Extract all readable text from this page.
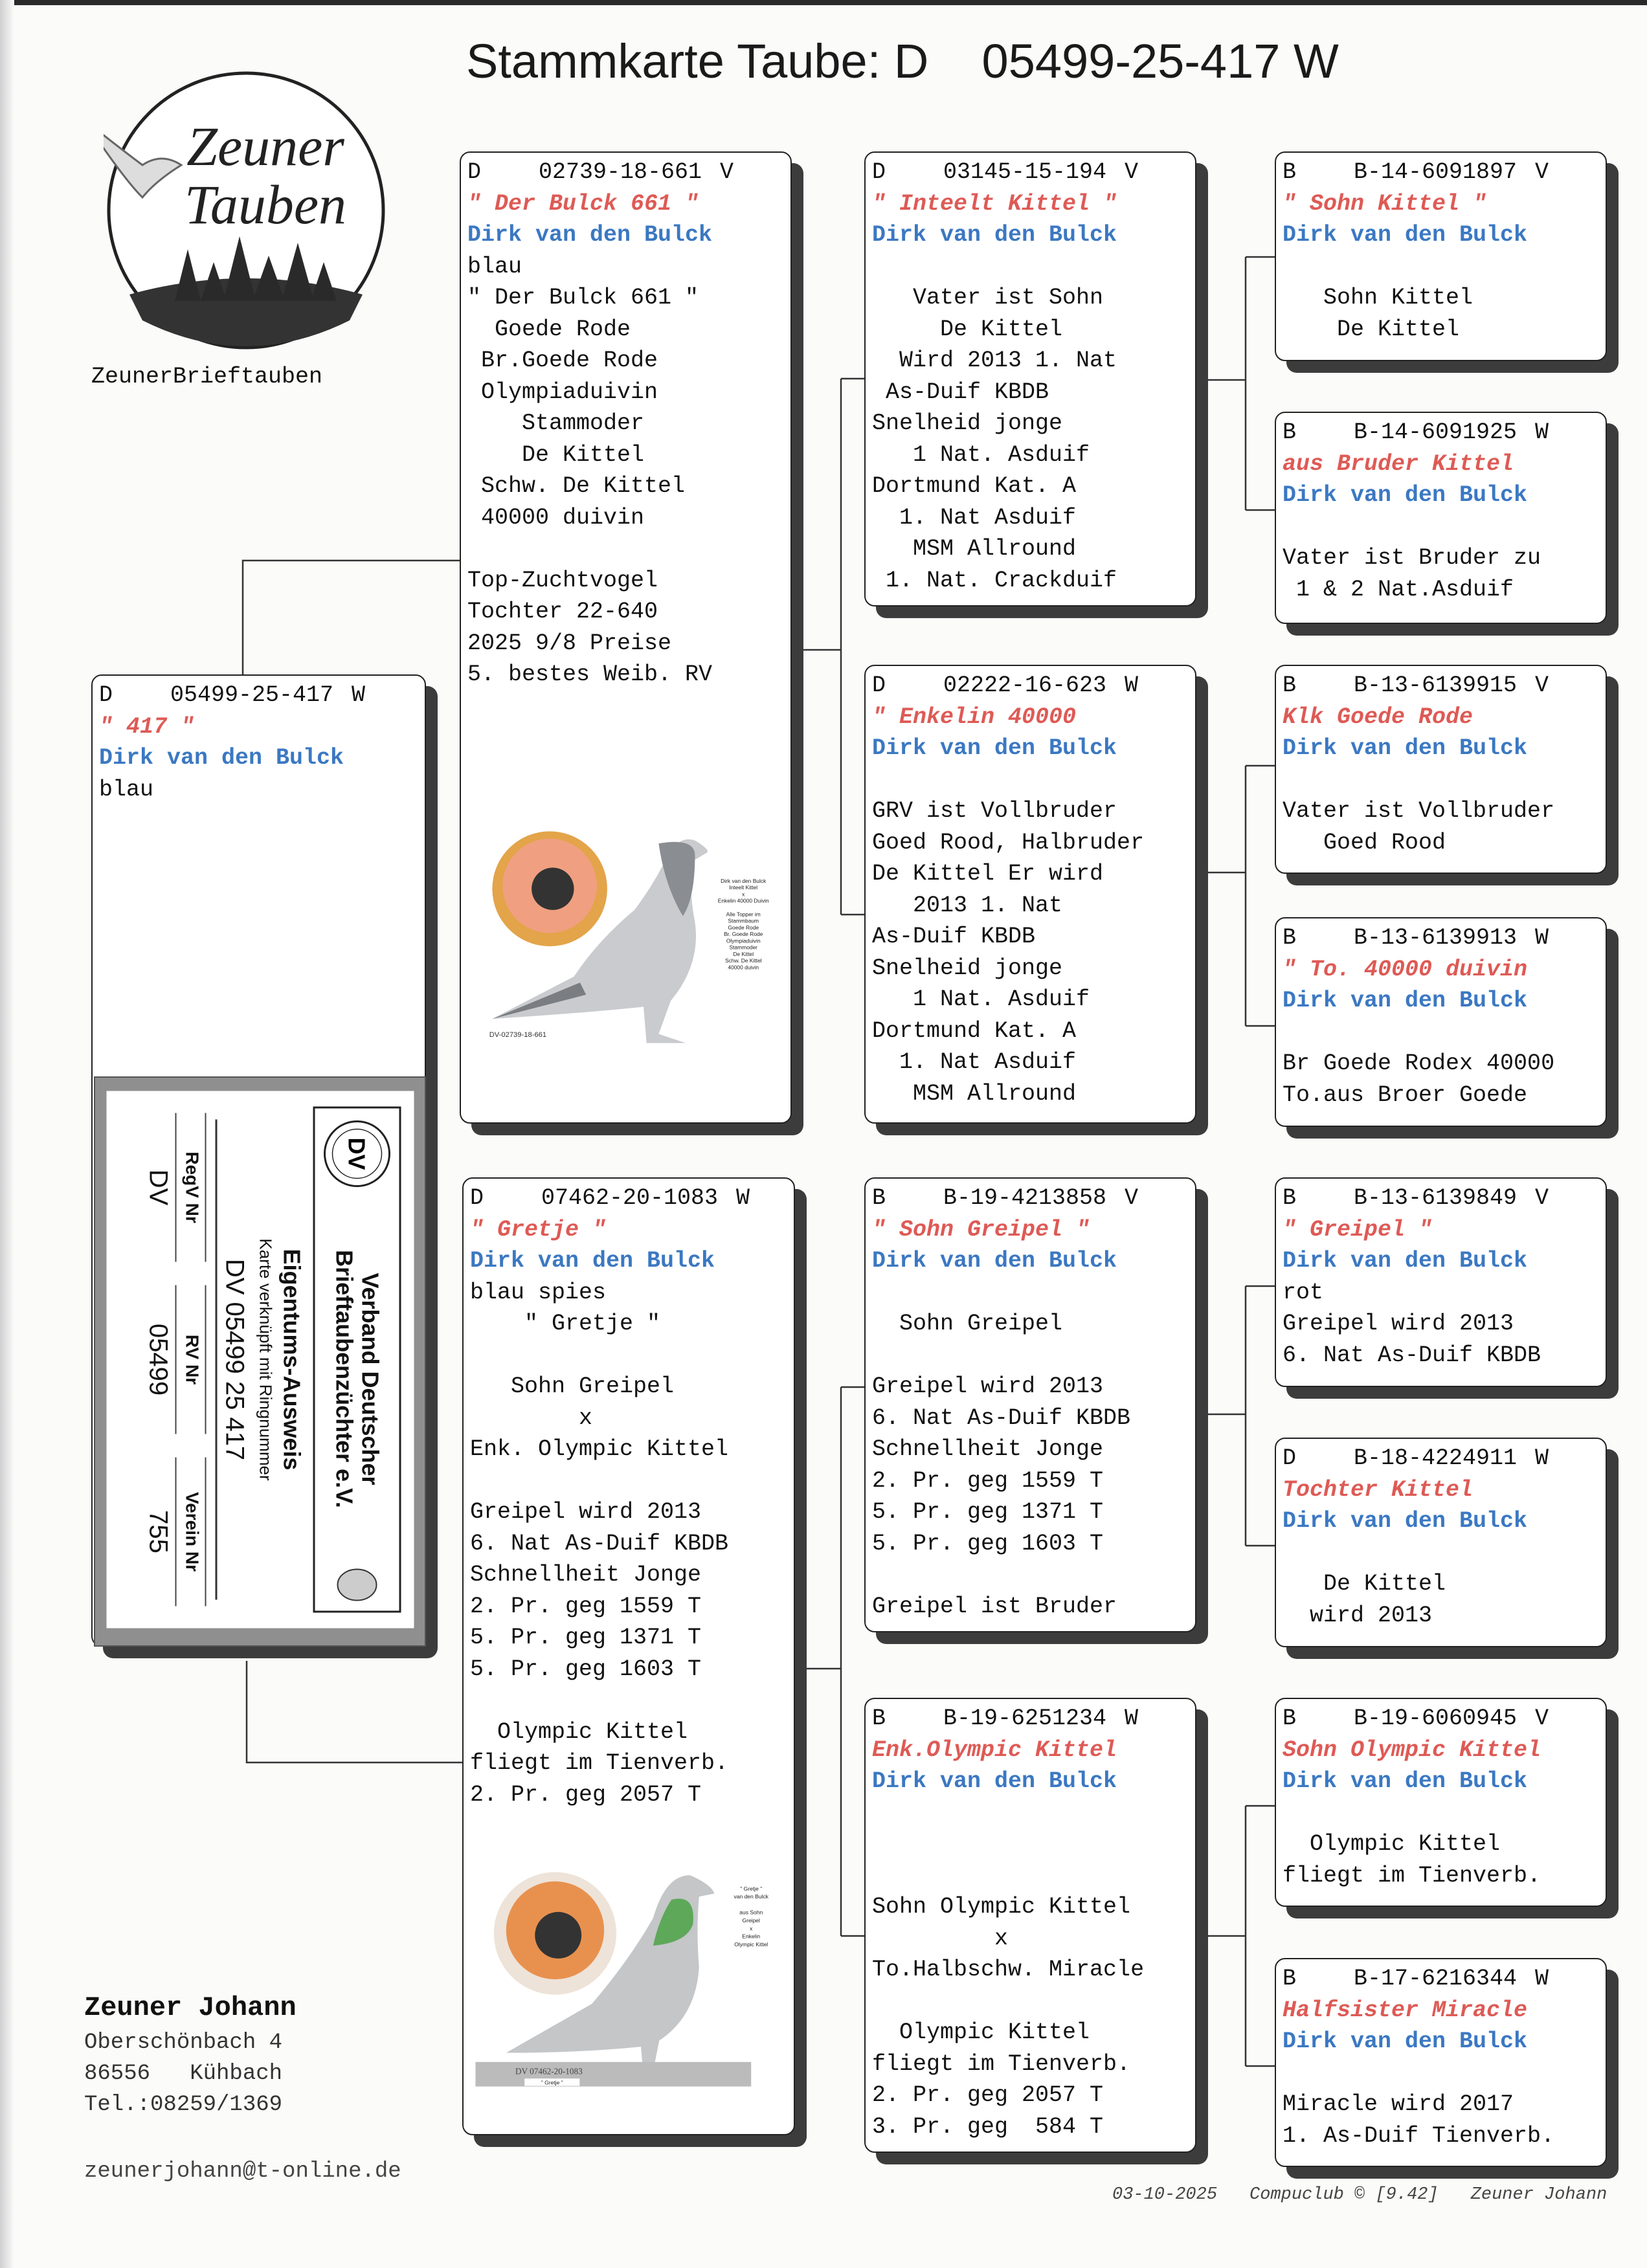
Stammkarte Taube: D 05499-25-417 W
Zeuner
Tauben
ZeunerBrieftauben
D	05499-25-417 W
" 417 "
Dirk van den Bulck
blau
D	02739-18-661 V
" Der Bulck 661 "
Dirk van den Bulck
blau
" Der Bulck 661 "
Goede Rode
Br.Goede Rode
Olympiaduivin
Stammoder
De Kittel
Schw. De Kittel
40000 duivin
Top-Zuchtvogel
Tochter 22-640
2025 9/8 Preise
5. bestes Weib. RV
D	07462-20-1083 W
" Gretje "
Dirk van den Bulck
blau spies
" Gretje "
Sohn Greipel
x
Enk. Olympic Kittel
Greipel wird 2013
6. Nat As-Duif KBDB
Schnellheit Jonge
2. Pr. geg 1559 T
5. Pr. geg 1371 T
5. Pr. geg 1603 T
Olympic Kittel
fliegt im Tienverb.
2. Pr. geg 2057 T
D	03145-15-194 V
" Inteelt Kittel "
Dirk van den Bulck
Vater ist Sohn
De Kittel
Wird 2013 1. Nat
As-Duif KBDB
Snelheid jonge
1 Nat. Asduif
Dortmund Kat. A
1. Nat Asduif
MSM Allround
1. Nat. Crackduif
D	02222-16-623 W
" Enkelin 40000
Dirk van den Bulck
GRV ist Vollbruder
Goed Rood, Halbruder
De Kittel Er wird
2013 1. Nat
As-Duif KBDB
Snelheid jonge
1 Nat. Asduif
Dortmund Kat. A
1. Nat Asduif
MSM Allround
B	B-19-4213858 V
" Sohn Greipel "
Dirk van den Bulck
Sohn Greipel
Greipel wird 2013
6. Nat As-Duif KBDB
Schnellheit Jonge
2. Pr. geg 1559 T
5. Pr. geg 1371 T
5. Pr. geg 1603 T
Greipel ist Bruder
B	B-19-6251234 W
Enk.Olympic Kittel
Dirk van den Bulck
Sohn Olympic Kittel
x
To.Halbschw. Miracle
Olympic Kittel
fliegt im Tienverb.
2. Pr. geg 2057 T
3. Pr. geg  584 T
B	B-14-6091897 V
" Sohn Kittel "
Dirk van den Bulck
Sohn Kittel
De Kittel
B	B-14-6091925 W
aus Bruder Kittel
Dirk van den Bulck
Vater ist Bruder zu
1 & 2 Nat.Asduif
B	B-13-6139915 V
Klk Goede Rode
Dirk van den Bulck
Vater ist Vollbruder
Goed Rood
B	B-13-6139913 W
" To. 40000 duivin
Dirk van den Bulck
Br Goede Rodex 40000
To.aus Broer Goede
B	B-13-6139849 V
" Greipel "
Dirk van den Bulck
rot
Greipel wird 2013
6. Nat As-Duif KBDB
D	B-18-4224911 W
Tochter Kittel
Dirk van den Bulck
De Kittel
wird 2013
B	B-19-6060945 V
Sohn Olympic Kittel
Dirk van den Bulck
Olympic Kittel
fliegt im Tienverb.
B	B-17-6216344 W
Halfsister Miracle
Dirk van den Bulck
Miracle wird 2017
1. As-Duif Tienverb.
Dirk van den Bulck
Inteelt Kittel
x
Enkelin 40000 Duivin
Alle Topper im
Stammbaum
Goede Rode
Br. Goede Rode
Olympiaduivin
Stammoder
De Kittel
Schw. De Kittel
40000 duivin
DV-02739-18-661
DV 07462-20-1083
" Gretje "
" Gretje "
van den Bulck
aus Sohn
Greipel
x
Enkelin
Olympic Kittel
DV
Verband Deutscher
Brieftaubenzüchter e.V.
Eigentums-Ausweis
Karte verknüpft mit Ringnummer
DV 05499 25 417
RegV Nr
DV
RV Nr
05499
Verein Nr
755
Zeuner Johann
Oberschönbach 4
86556   Kühbach
Tel.:08259/1369
zeunerjohann@t-online.de
03-10-2025 Compuclub © [9.42] Zeuner Johann
